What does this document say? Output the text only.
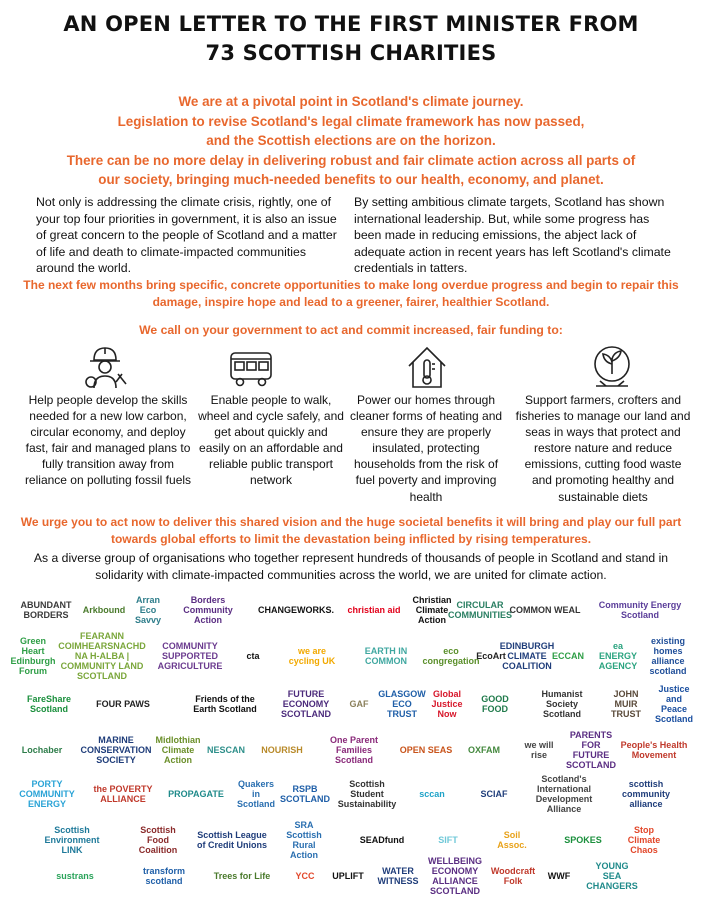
AN OPEN LETTER TO THE FIRST MINISTER FROM
73 SCOTTISH CHARITIES
We are at a pivotal point in Scotland's climate journey.
Legislation to revise Scotland's legal climate framework has now passed,
and the Scottish elections are on the horizon.
There can be no more delay in delivering robust and fair climate action across all parts of
our society, bringing much-needed benefits to our health, economy, and planet.
Not only is addressing the climate crisis, rightly, one of your top four priorities in government, it is also an issue of great concern to the people of Scotland and a matter of life and death to climate-impacted communities around the world.
By setting ambitious climate targets, Scotland has shown international leadership. But, while some progress has been made in reducing emissions, the abject lack of adequate action in recent years has left Scotland's climate credentials in tatters.
The next few months bring specific, concrete opportunities to make long overdue progress and begin to repair this damage, inspire hope and lead to a greener, fairer, healthier Scotland.
We call on your government to act and commit increased, fair funding to:
Help people develop the skills needed for a new low carbon, circular economy, and deploy fast, fair and managed plans to fully transition away from reliance on polluting fossil fuels
Enable people to walk, wheel and cycle safely, and get about quickly and easily on an affordable and reliable public transport network
Power our homes through cleaner forms of heating and ensure they are properly insulated, protecting households from the risk of fuel poverty and improving health
Support farmers, crofters and fisheries to manage our land and seas in ways that protect and restore nature and reduce emissions, cutting food waste and promoting healthy and sustainable diets
We urge you to act now to deliver this shared vision and the huge societal benefits it will bring and play our full part towards global efforts to limit the devastation being inflicted by rising temperatures.
As a diverse group of organisations who together represent hundreds of thousands of people in Scotland and stand in solidarity with climate-impacted communities across the world, we are united for climate action.
ABUNDANT BORDERS	Arkbound
Arran Eco Savvy
Borders Community Action
CHANGEWORKS.	christian aid
Christian Climate Action
CIRCULAR COMMUNITIES
COMMON WEAL	Community Energy Scotland
Green Heart Edinburgh Forum
FEARANN COIMHEARSNACHD NA H-ALBA | COMMUNITY LAND SCOTLAND
COMMUNITY SUPPORTED AGRICULTURE
cta	we are cycling UK
EARTH IN COMMON
eco congregation
EcoArt
EDINBURGH CLIMATE COALITION
ECCAN
ea ENERGY AGENCY
existing homes alliance scotland
FareShare Scotland	FOUR PAWS	Friends of the Earth Scotland
FUTURE ECONOMY SCOTLAND
GAF
GLASGOW ECO TRUST
Global Justice Now
GOOD FOOD
Humanist Society Scotland
JOHN MUIR TRUST
Justice and Peace Scotland
Lochaber
MARINE CONSERVATION SOCIETY
Midlothian Climate Action
NESCAN	NOURISH
One Parent Families Scotland
OPEN SEAS	OXFAM	we will rise
PARENTS FOR FUTURE SCOTLAND
People's Health Movement
PORTY COMMUNITY ENERGY
the POVERTY ALLIANCE	PROPAGATE
Quakers in Scotland
RSPB SCOTLAND
Scottish Student Sustainability
sccan	SCIAF
Scotland's International Development Alliance
scottish community alliance
Scottish Environment LINK
Scottish Food Coalition
Scottish League of Credit Unions
SRA Scottish Rural Action
SEADfund	SIFT	Soil Assoc.	SPOKES
Stop Climate Chaos
sustrans	transform scotland	Trees for Life	YCC	UPLIFT	WATER WITNESS
WELLBEING ECONOMY ALLIANCE SCOTLAND
Woodcraft Folk	WWF
YOUNG SEA CHANGERS
